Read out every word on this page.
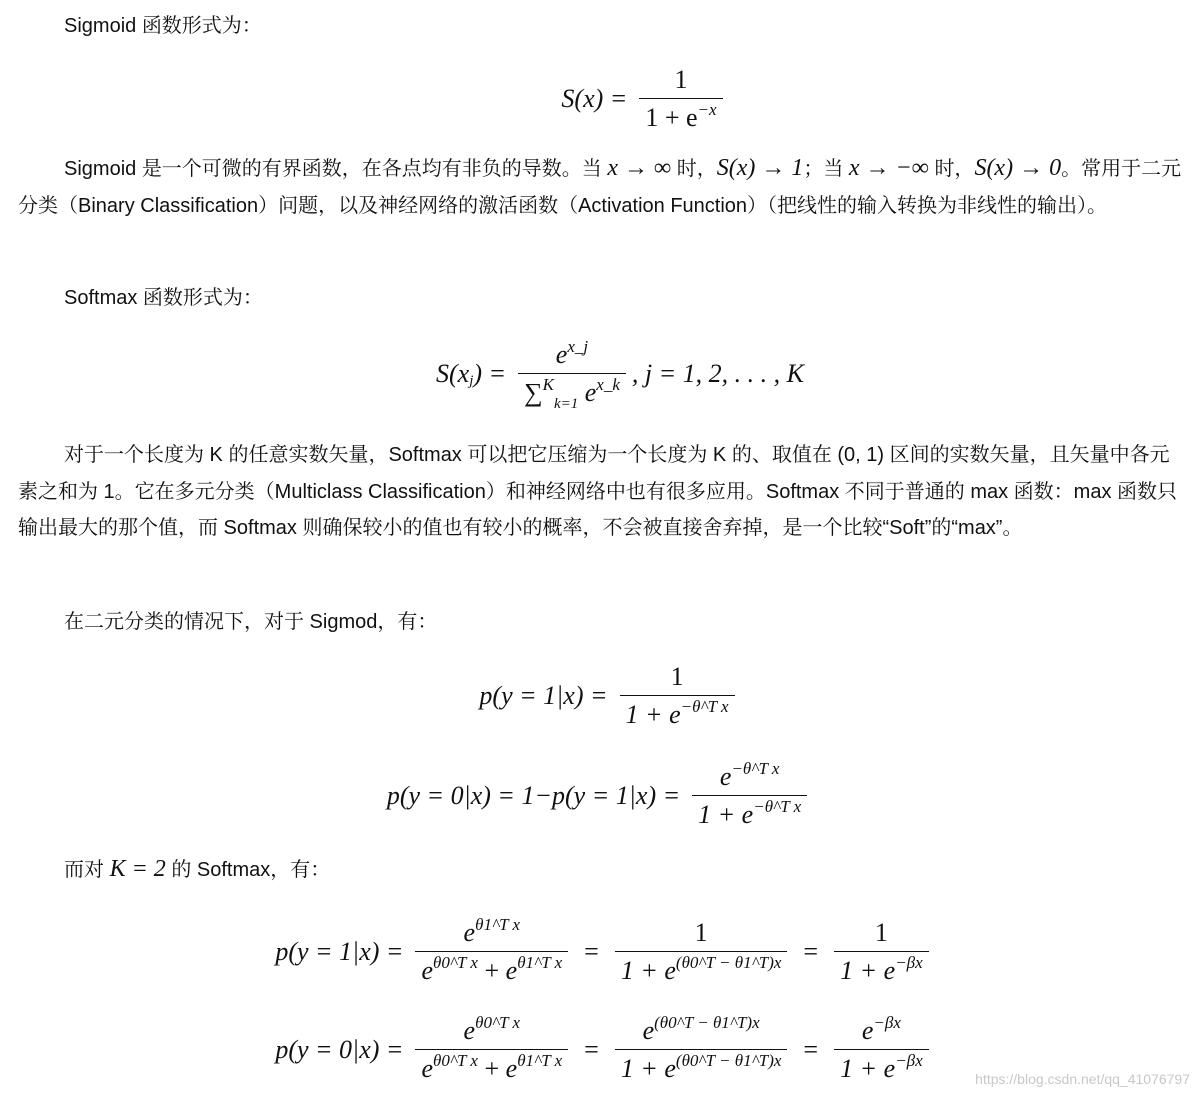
Sigmoid 函数形式为：

$S(x) = \frac{1}{1 + e^{-x}}$

Sigmoid 是一个可微的有界函数，在各点均有非负的导数。当 x → ∞ 时，S(x) → 1；当 x → −∞ 时，S(x) → 0。常用于二元分类（Binary Classification）问题，以及神经网络的激活函数（Activation Function）（把线性的输入转换为非线性的输出）。

Softmax 函数形式为：

S(x j ) = $\frac{e^{x\_j}}{\sum^K_{k=1} e^{x\_k}}$ , j = 1, 2, . . . , K

对于一个长度为 K 的任意实数矢量，Softmax 可以把它压缩为一个长度为 K 的、取值在 (0, 1) 区间的实数矢量，且矢量中各元素之和为 1。它在多元分类（Multiclass Classification）和神经网络中也有很多应用。Softmax 不同于普通的 max 函数：max 函数只输出最大的那个值，而 Softmax 则确保较小的值也有较小的概率，不会被直接舍弃掉，是一个比较“Soft”的“max”。

在二元分类的情况下，对于 Sigmod，有：

$p(y = 1|x) = \frac{1}{1 + e^{-\theta\^{}T x}}$
$p(y = 0|x) = 1-p(y = 1|x) = \frac{e^{-\theta\^{}T x}}{1 + e^{-\theta\^{}T x}}$

而对 K = 2 的 Softmax，有：

$p(y = 1|x) = \frac{e^{\theta 1\^{}T x}}{e^{\theta 0\^{}T x} + e^{\theta 1\^{}T x}} = \frac{1}{1 + e^{(\theta 0\^{}T - \theta 1\^{}T)x}} = \frac{1}{1 + e^{-\beta x}}$
$p(y = 0|x) = \frac{e^{\theta 0\^{}T x}}{e^{\theta 0\^{}T x} + e^{\theta 1\^{}T x}} = \frac{e^{(\theta 0\^{}T - \theta 1\^{}T)x}}{1 + e^{(\theta 0\^{}T - \theta 1\^{}T)x}} = \frac{e^{-\beta x}}{1 + e^{-\beta x}}$	https://blog.csdn.net/qq_41076797
